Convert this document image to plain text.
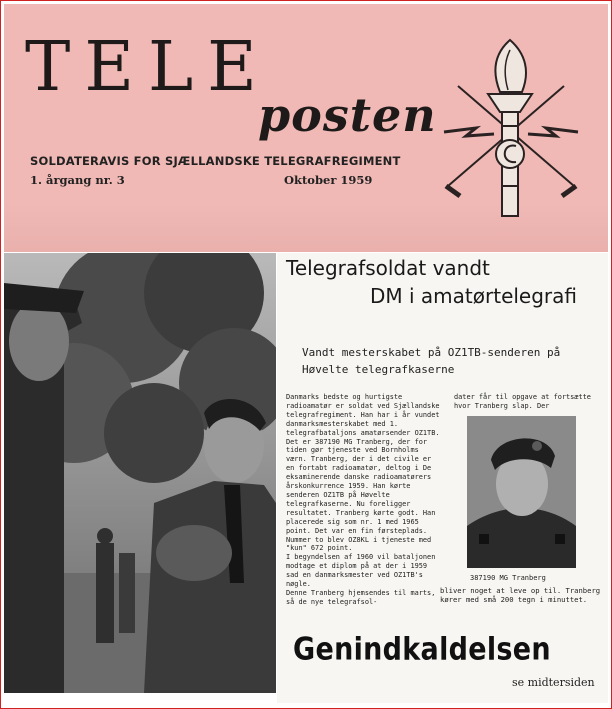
TELE
posten
SOLDATERAVIS FOR SJÆLLANDSKE TELEGRAFREGIMENT
1. årgang nr. 3	Oktober 1959
Telegrafsoldat vandt
DM i amatørtelegrafi
Vandt mesterskabet på OZ1TB-senderen på Høvelte telegrafkaserne
Danmarks bedste og hurtigste radioamatør er soldat ved Sjællandske telegrafregiment. Han har i år vundet danmarksmesterskabet med 1. telegrafbataljons amatørsender OZ1TB.
Det er 387190 MG Tranberg, der for tiden gør tjeneste ved Bornholms værn. Tranberg, der i det civile er en fortabt radioamatør, deltog i De eksaminerende danske radioamatørers årskonkurrence 1959. Han kørte senderen OZ1TB på Høvelte telegrafkaserne. Nu foreligger resultatet. Tranberg kørte godt. Han placerede sig som nr. 1 med 1965 point. Det var en fin førsteplads. Nummer to blev OZ8KL i tjeneste med "kun" 672 point.
I begyndelsen af 1960 vil bataljonen modtage et diplom på at der i 1959 sad en danmarksmester ved OZ1TB's nøgle.
Denne Tranberg hjemsendes til marts, så de nye telegrafsol-
dater får til opgave at fortsætte hvor Tranberg slap. Der
387190 MG Tranberg
bliver noget at leve op til. Tranberg kører med små 200 tegn i minuttet.
Genindkaldelsen
se midtersiden
